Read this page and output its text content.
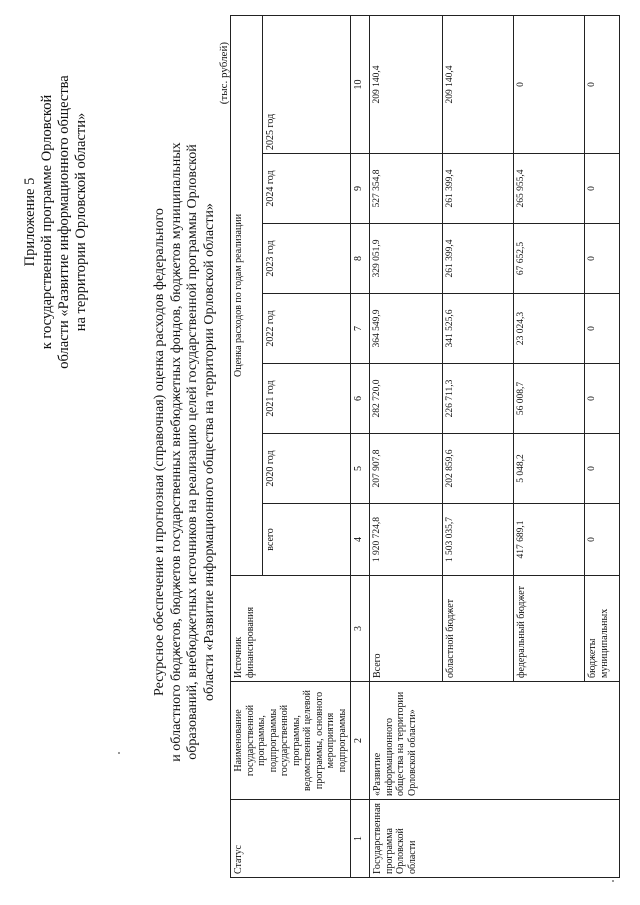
Приложение 5 к государственной программе Орловской области «Развитие информационного общества на территории Орловской области»	Ресурсное обеспечение и прогнозная (справочная) оценка расходов федерального и областного бюджетов, бюджетов государственных внебюджетных фондов, бюджетов муниципальных образований, внебюджетных источников на реализацию целей государственной программы Орловской области «Развитие информационного общества на территории Орловской области»
(тыс. рублей)
Статус	Наименование государственной программы, подпрограммы государственной программы, ведомственной целевой программы, основного мероприятия подпрограммы	Источник финансирования	Оценка расходов по годам реализации						
			всего	2020 год	2021 год	2022 год	2023 год	2024 год	2025 год
1	2	3	4	5	6	7	8	9	10
Государственная программа Орловской области	«Развитие информационного общества на территории Орловской области»	Всего	1 920 724,8	207 907,8	282 720,0	364 549,9	329 051,9	527 354,8	209 140,4
		областной бюджет	1 503 035,7	202 859,6	226 711,3	341 525,6	261 399,4	261 399,4	209 140,4
		федеральный бюджет	417 689,1	5 048,2	56 008,7	23 024,3	67 652,5	265 955,4	0
		бюджеты муниципальных	0	0	0	0	0	0	0
